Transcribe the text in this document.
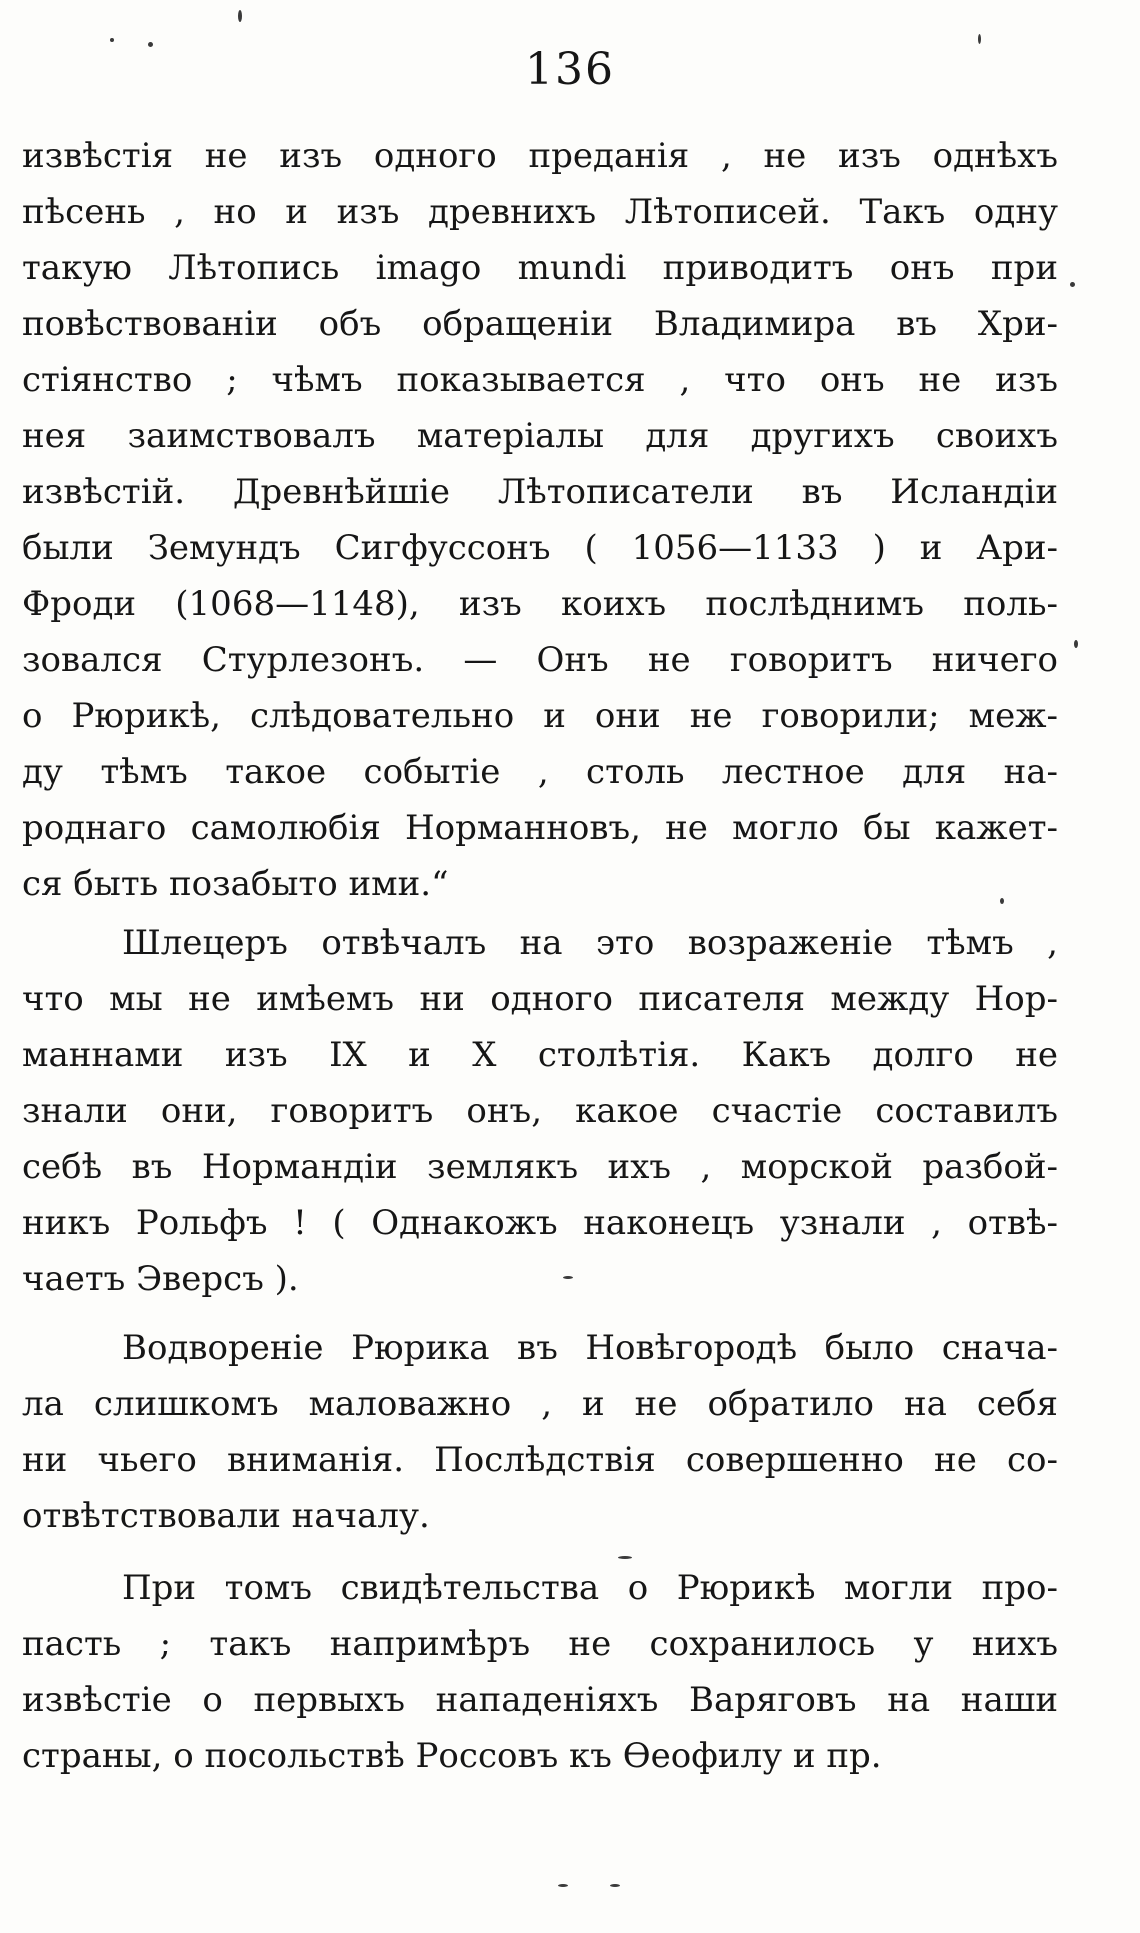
136
извѣстія не изъ одного преданія , не изъ однѣхъ
пѣсень , но и изъ древнихъ Лѣтописей. Такъ одну
такую Лѣтопись imago mundi приводитъ онъ при
повѣствованіи объ обращеніи Владимира въ Хри-
стіянство ; чѣмъ показывается , что онъ не изъ
нея заимствовалъ матеріалы для другихъ своихъ
извѣстій. Древнѣйшіе Лѣтописатели въ Исландіи
были Земундъ Сигфуссонъ ( 1056—1133 ) и Ари-
Фроди (1068—1148), изъ коихъ послѣднимъ поль-
зовался Стурлезонъ. — Онъ не говоритъ ничего
о Рюрикѣ, слѣдовательно и они не говорили; меж-
ду тѣмъ такое событіе , столь лестное для на-
роднаго самолюбія Норманновъ, не могло бы кажет-
ся быть позабыто ими.“
Шлецеръ отвѣчалъ на это возраженіе тѣмъ ,
что мы не имѣемъ ни одного писателя между Нор-
маннами изъ IX и X столѣтія. Какъ долго не
знали они, говоритъ онъ, какое счастіе составилъ
себѣ въ Нормандіи землякъ ихъ , морской разбой-
никъ Рольфъ ! ( Однакожъ наконецъ узнали , отвѣ-
чаетъ Эверсъ ).
Водвореніе Рюрика въ Новѣгородѣ было снача-
ла слишкомъ маловажно , и не обратило на себя
ни чьего вниманія. Послѣдствія совершенно не со-
отвѣтствовали началу.
При томъ свидѣтельства о Рюрикѣ могли про-
пасть ; такъ напримѣръ не сохранилось у нихъ
извѣстіе о первыхъ нападеніяхъ Варяговъ на наши
страны, о посольствѣ Россовъ къ Ѳеофилу и пр.
